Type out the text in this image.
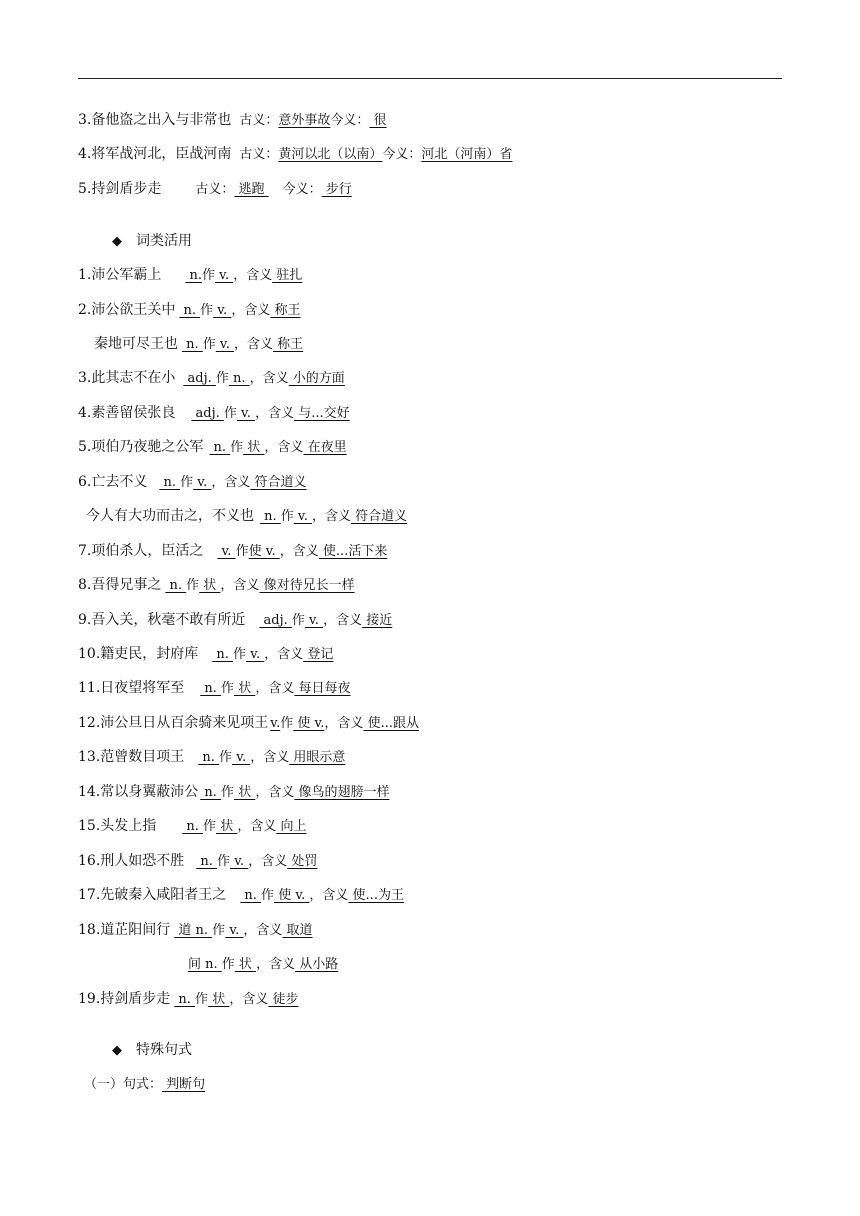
3.备他盗之出入与非常也 古义：意外事故今义： 很
4.将军战河北，臣战河南 古义：黄河以北（以南）今义：河北（河南）省
5.持剑盾步走	古义： 逃跑 今义： 步行
◆ 词类活用
1.沛公军霸上 n.作 v. ，含义 驻扎
2.沛公欲王关中 n. 作 v. ，含义 称王
秦地可尽王也 n. 作 v. ，含义 称王
3.此其志不在小 adj. 作 n. ，含义 小的方面
4.素善留侯张良 adj. 作 v. ，含义 与...交好
5.项伯乃夜驰之公军 n. 作 状 ，含义 在夜里
6.亡去不义 n. 作 v. ，含义 符合道义
今人有大功而击之，不义也 n. 作 v. ，含义 符合道义
7.项伯杀人，臣活之 v. 作使 v. ，含义 使...活下来
8.吾得兄事之 n. 作 状 ，含义 像对待兄长一样
9.吾入关，秋毫不敢有所近 adj. 作 v. ，含义 接近
10.籍吏民，封府库 n. 作 v. ，含义 登记
11.日夜望将军至 n. 作 状 ，含义 每日每夜
12.沛公旦日从百余骑来见项王 v.作 使 v.，含义 使...跟从
13.范曾数目项王 n. 作 v. ，含义 用眼示意
14.常以身翼蔽沛公 n. 作 状 ，含义 像鸟的翅膀一样
15.头发上指 n. 作 状 ，含义 向上
16.刑人如恐不胜 n. 作 v. ，含义 处罚
17.先破秦入咸阳者王之 n. 作 使 v. ，含义 使...为王
18.道芷阳间行 道 n. 作 v. ，含义 取道
间 n. 作 状 ，含义 从小路
19.持剑盾步走 n. 作 状 ，含义 徒步
◆ 特殊句式
（一）句式： 判断句
